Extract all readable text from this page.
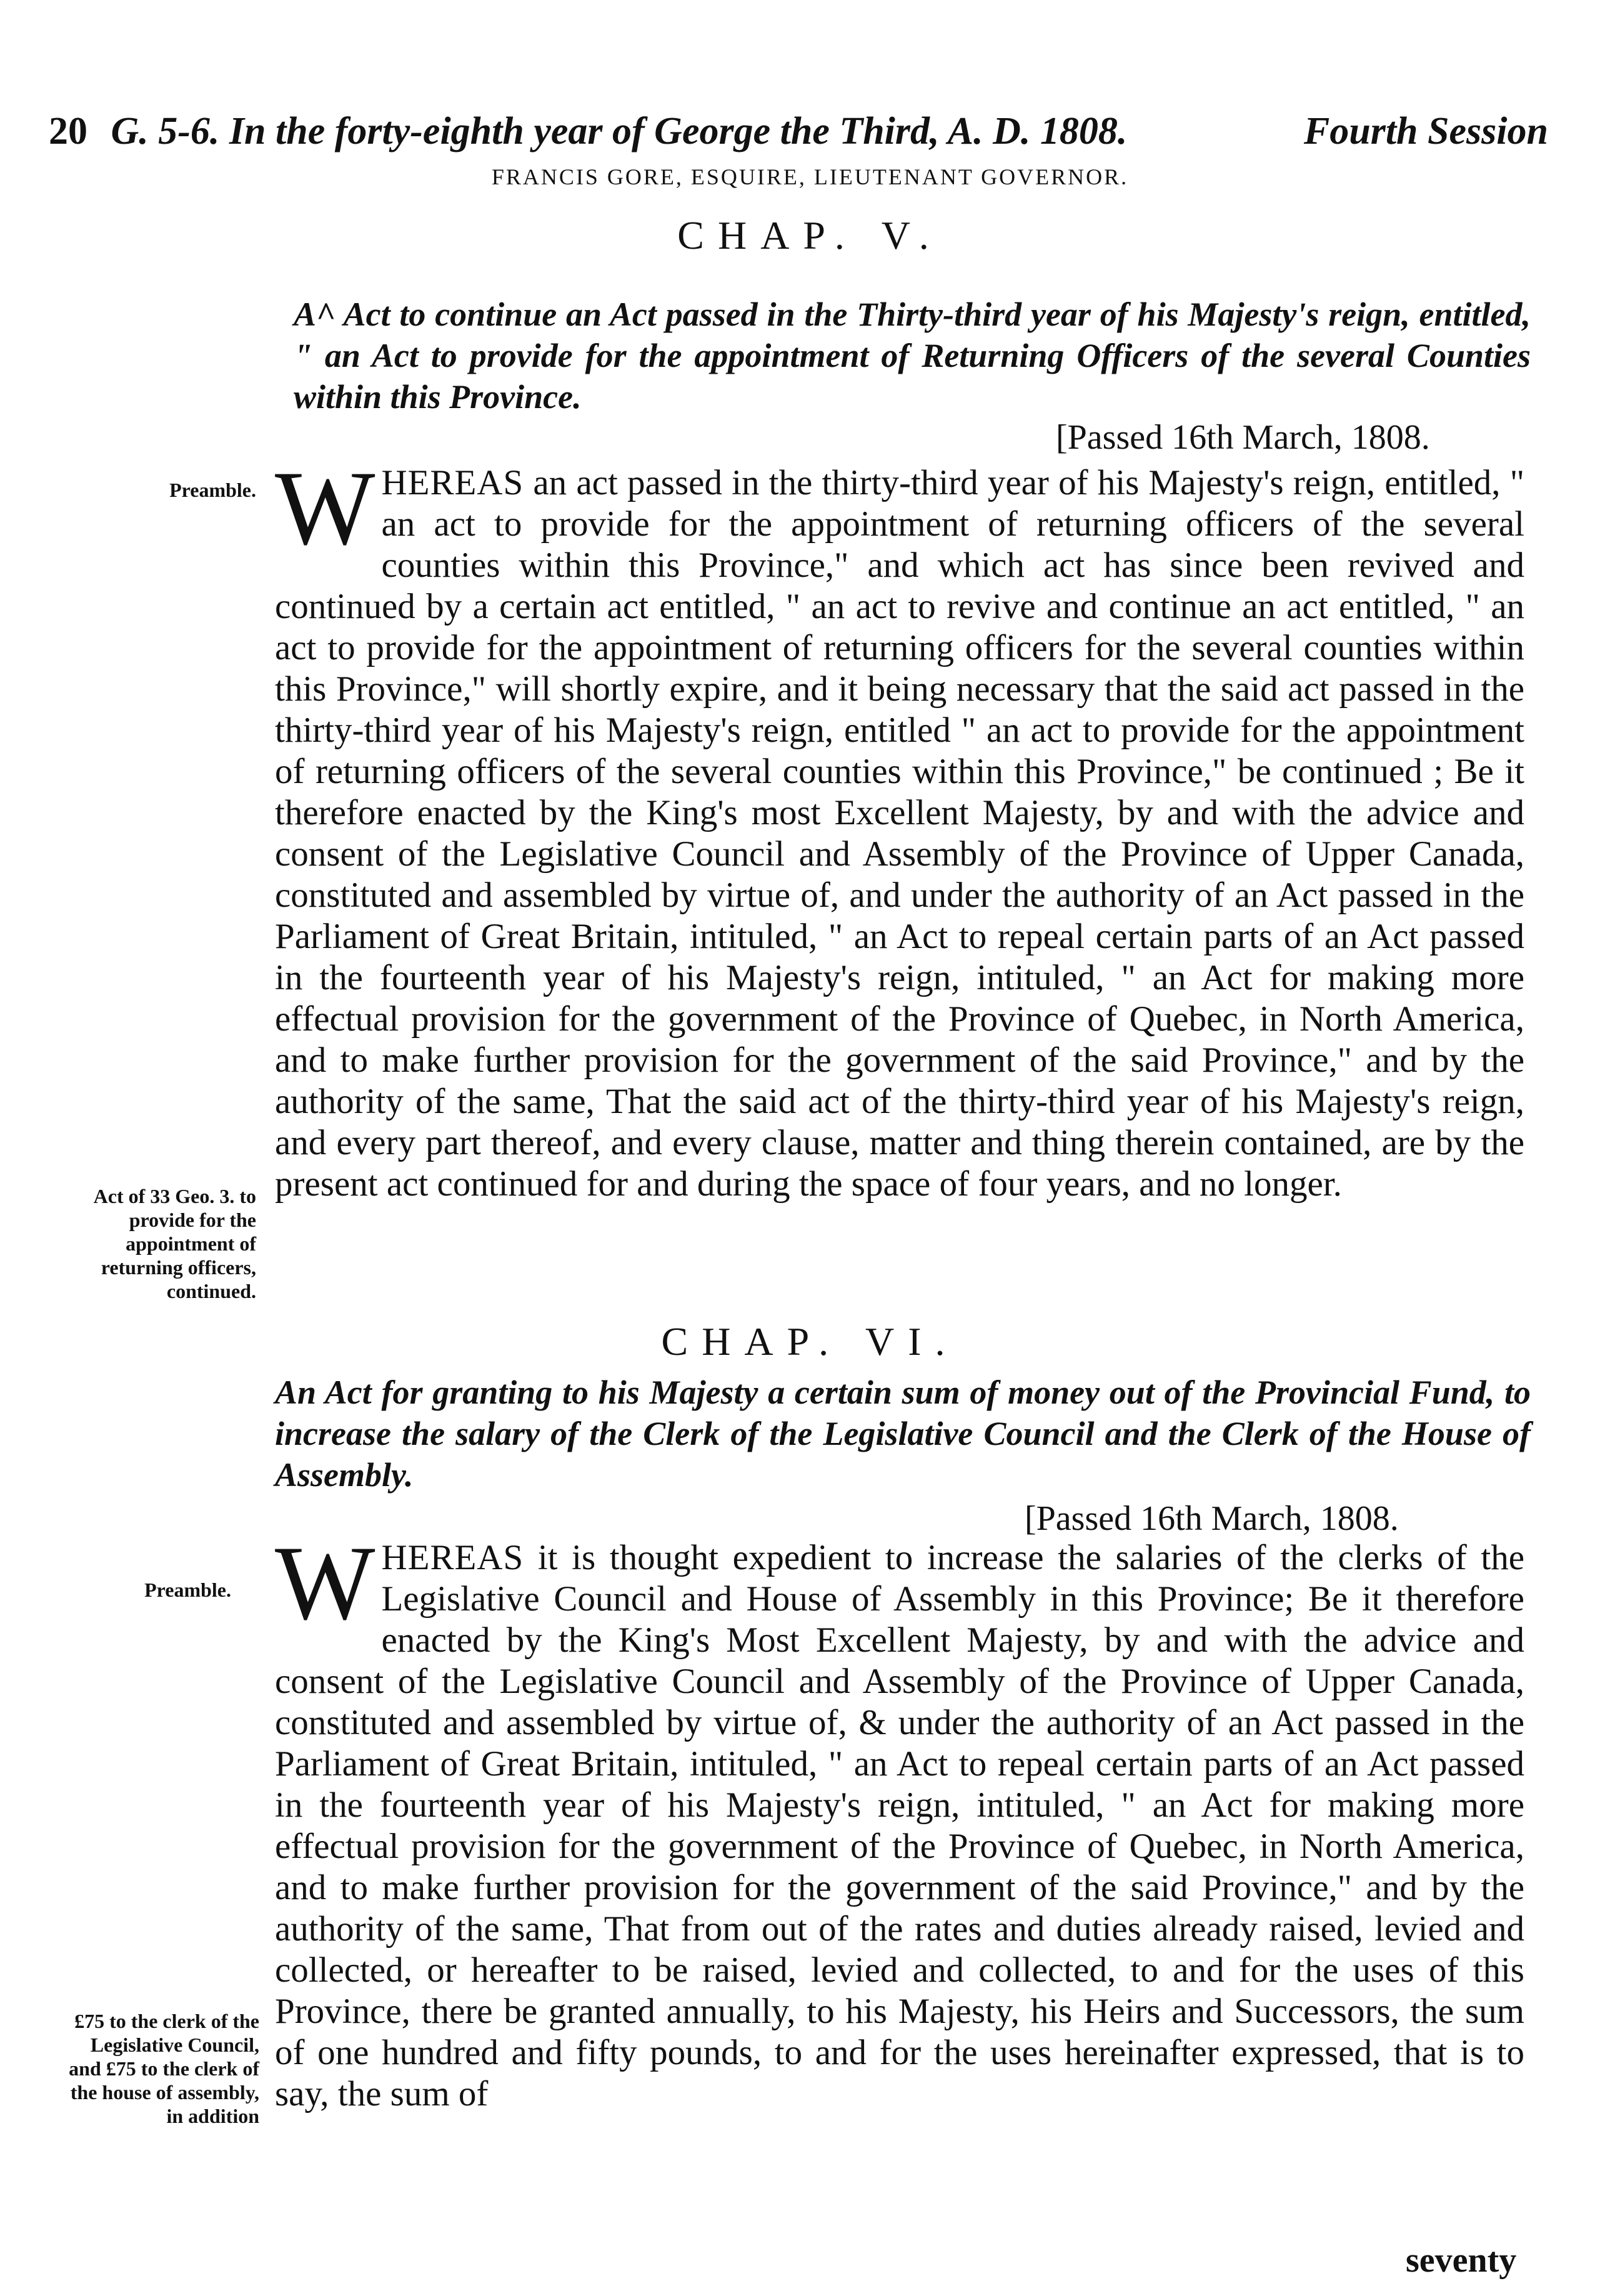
20 G. 5-6. In the forty-eighth year of George the Third, A. D. 1808.	Fourth Session
FRANCIS GORE, ESQUIRE, LIEUTENANT GOVERNOR.
CHAP. V.
A^ Act to continue an Act passed in the Thirty-third year of his Majesty's reign, entitled, " an Act to provide for the appointment of Returning Officers of the several Counties within this Province.
[Passed 16th March, 1808.
Preamble.
Act of 33 Geo. 3. to provide for the appointment of returning officers, continued.
W HEREAS an act passed in the thirty-third year of his Majesty's reign, entitled, " an act to provide for the appointment of returning officers of the several counties within this Province," and which act has since been revived and continued by a certain act entitled, " an act to revive and continue an act entitled, " an act to provide for the appointment of returning officers for the several counties within this Province," will shortly expire, and it being necessary that the said act passed in the thirty-third year of his Majesty's reign, entitled " an act to provide for the appointment of returning officers of the several counties within this Province," be continued ; Be it therefore enacted by the King's most Excellent Majesty, by and with the advice and consent of the Legislative Council and Assembly of the Province of Upper Canada, constituted and assembled by virtue of, and under the authority of an Act passed in the Parliament of Great Britain, intituled, " an Act to repeal certain parts of an Act passed in the fourteenth year of his Majesty's reign, intituled, " an Act for making more effectual provision for the government of the Province of Quebec, in North America, and to make further provision for the government of the said Province," and by the authority of the same, That the said act of the thirty-third year of his Majesty's reign, and every part thereof, and every clause, matter and thing therein contained, are by the present act continued for and during the space of four years, and no longer.
CHAP. VI.
An Act for granting to his Majesty a certain sum of money out of the Provincial Fund, to increase the salary of the Clerk of the Legislative Council and the Clerk of the House of Assembly.
[Passed 16th March, 1808.
Preamble.
£75 to the clerk of the Legislative Council, and £75 to the clerk of the house of assembly, in addition
W HEREAS it is thought expedient to increase the salaries of the clerks of the Legislative Council and House of Assembly in this Province; Be it therefore enacted by the King's Most Excellent Majesty, by and with the advice and consent of the Legislative Council and Assembly of the Province of Upper Canada, constituted and assembled by virtue of, & under the authority of an Act passed in the Parliament of Great Britain, intituled, " an Act to repeal certain parts of an Act passed in the fourteenth year of his Majesty's reign, intituled, " an Act for making more effectual provision for the government of the Province of Quebec, in North America, and to make further provision for the government of the said Province," and by the authority of the same, That from out of the rates and duties already raised, levied and collected, or hereafter to be raised, levied and collected, to and for the uses of this Province, there be granted annually, to his Majesty, his Heirs and Successors, the sum of one hundred and fifty pounds, to and for the uses hereinafter expressed, that is to say, the sum of
seventy
